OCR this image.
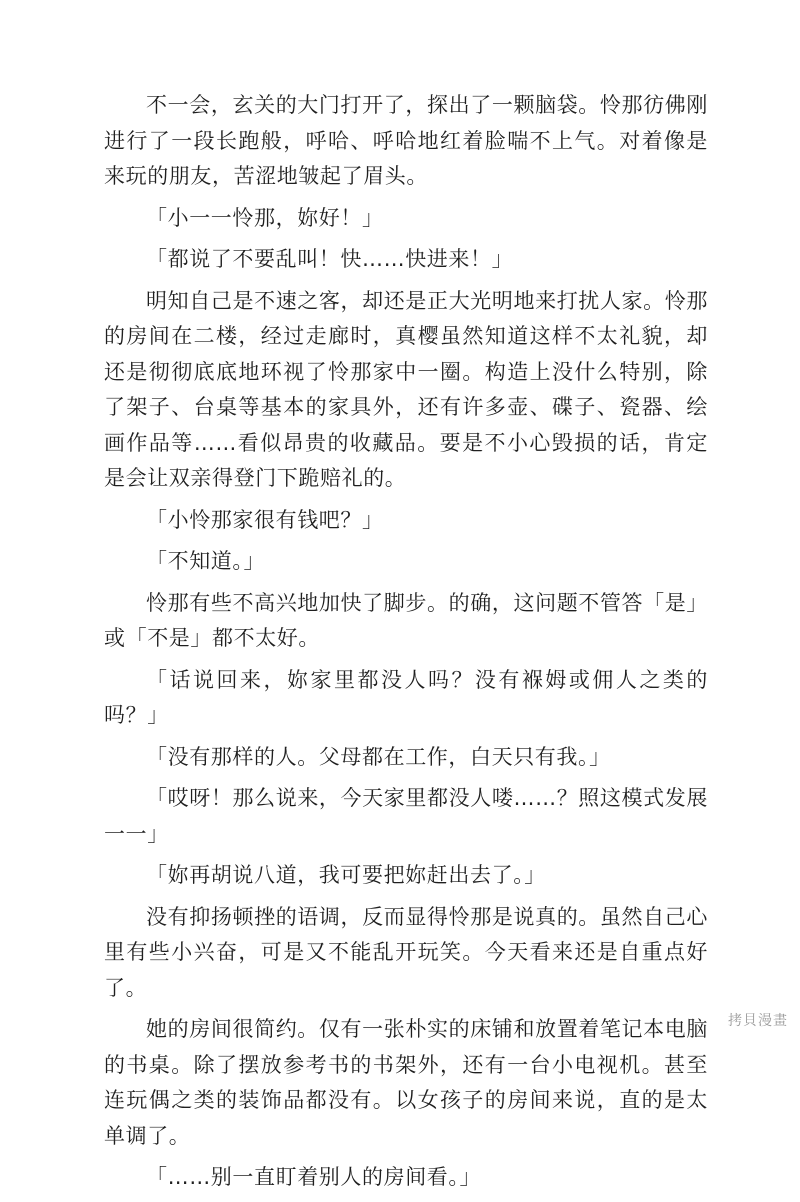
不一会，玄关的大门打开了，探出了一颗脑袋。怜那彷佛刚进行了一段长跑般，呼哈、呼哈地红着脸喘不上气。对着像是来玩的朋友，苦涩地皱起了眉头。

「小一一怜那，妳好！」

「都说了不要乱叫！快……快进来！」

明知自己是不速之客，却还是正大光明地来打扰人家。怜那的房间在二楼，经过走廊时，真樱虽然知道这样不太礼貌，却还是彻彻底底地环视了怜那家中一圈。构造上没什么特别，除了架子、台桌等基本的家具外，还有许多壶、碟子、瓷器、绘画作品等……看似昂贵的收藏品。要是不小心毁损的话，肯定是会让双亲得登门下跪赔礼的。

「小怜那家很有钱吧？」

「不知道。」

怜那有些不高兴地加快了脚步。的确，这问题不管答「是」或「不是」都不太好。

「话说回来，妳家里都没人吗？没有褓姆或佣人之类的吗？」

「没有那样的人。父母都在工作，白天只有我。」

「哎呀！那么说来，今天家里都没人喽……？照这模式发展一一」

「妳再胡说八道，我可要把妳赶出去了。」

没有抑扬顿挫的语调，反而显得怜那是说真的。虽然自己心里有些小兴奋，可是又不能乱开玩笑。今天看来还是自重点好了。

她的房间很简约。仅有一张朴实的床铺和放置着笔记本电脑的书桌。除了摆放参考书的书架外，还有一台小电视机。甚至连玩偶之类的装饰品都没有。以女孩子的房间来说，直的是太单调了。

「……别一直盯着别人的房间看。」

拷貝漫畫
